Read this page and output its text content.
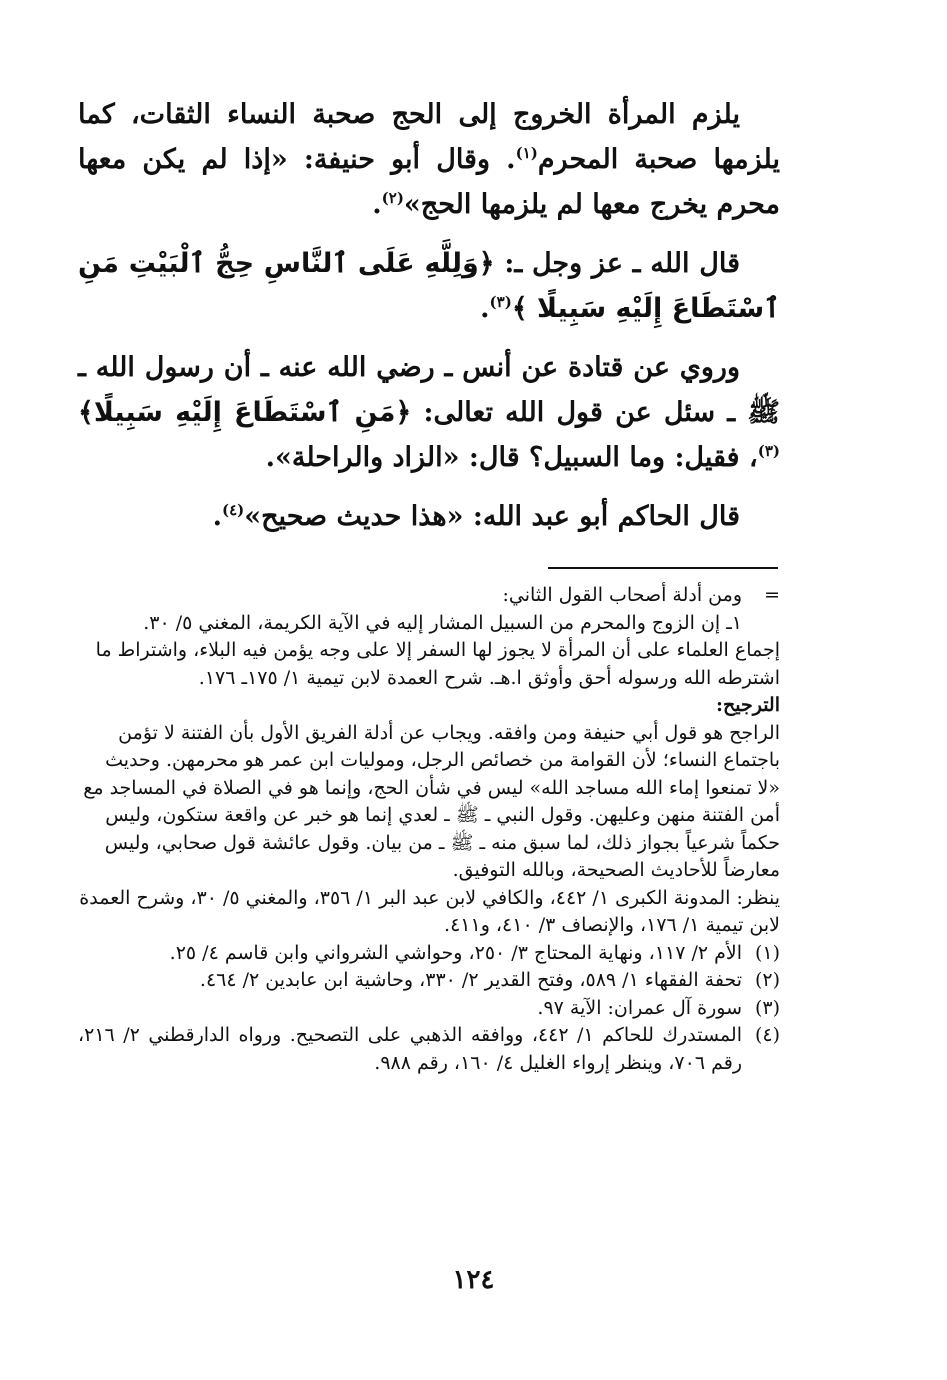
يلزم المرأة الخروج إلى الحج صحبة النساء الثقات، كما يلزمها صحبة المحرم$^{(١)}$. وقال أبو حنيفة: «إذا لم يكن معها محرم يخرج معها لم يلزمها الحج»$^{(٢)}$.

قال الله ـ عز وجل ـ: ﴿وَلِلَّهِ عَلَى ٱلنَّاسِ حِجُّ ٱلْبَيْتِ مَنِ ٱسْتَطَاعَ إِلَيْهِ سَبِيلًا ﴾$^{(٣)}$.

وروي عن قتادة عن أنس ـ رضي الله عنه ـ أن رسول الله ـ ﷺ ـ سئل عن قول الله تعالى: ﴿مَنِ ٱسْتَطَاعَ إِلَيْهِ سَبِيلًا﴾$^{(٣)}$، فقيل: وما السبيل؟ قال: «الزاد والراحلة».

قال الحاكم أبو عبد الله: «هذا حديث صحيح»$^{(٤)}$.

=
ومن أدلة أصحاب القول الثاني:
١ـ إن الزوج والمحرم من السبيل المشار إليه في الآية الكريمة، المغني ٥/ ٣٠.
إجماع العلماء على أن المرأة لا يجوز لها السفر إلا على وجه يؤمن فيه البلاء، واشتراط ما اشترطه الله ورسوله أحق وأوثق ا.هـ. شرح العمدة لابن تيمية ١/ ١٧٥ـ ١٧٦.
الترجيح:
الراجح هو قول أبي حنيفة ومن وافقه. ويجاب عن أدلة الفريق الأول بأن الفتنة لا تؤمن باجتماع النساء؛ لأن القوامة من خصائص الرجل، ومولیات ابن عمر هو محرمهن. وحديث «لا تمنعوا إماء الله مساجد الله» ليس في شأن الحج، وإنما هو في الصلاة في المساجد مع أمن الفتنة منهن وعليهن. وقول النبي ـ ﷺ ـ لعدي إنما هو خبر عن واقعة ستكون، وليس حكماً شرعياً بجواز ذلك، لما سبق منه ـ ﷺ ـ من بيان. وقول عائشة قول صحابي، وليس معارضاً للأحاديث الصحيحة، وبالله التوفيق.
ينظر: المدونة الكبرى ١/ ٤٤٢، والكافي لابن عبد البر ١/ ٣٥٦، والمغني ٥/ ٣٠، وشرح العمدة لابن تيمية ١/ ١٧٦، والإنصاف ٣/ ٤١٠، و٤١١.
(١)
الأم ٢/ ١١٧، ونهاية المحتاج ٣/ ٢٥٠، وحواشي الشرواني وابن قاسم ٤/ ٢٥.
(٢)
تحفة الفقهاء ١/ ٥٨٩، وفتح القدير ٢/ ٣٣٠، وحاشية ابن عابدين ٢/ ٤٦٤.
(٣)
سورة آل عمران: الآية ٩٧.
(٤)
المستدرك للحاكم ١/ ٤٤٢، ووافقه الذهبي على التصحيح. ورواه الدارقطني ٢/ ٢١٦، رقم ٧٠٦، وينظر إرواء الغليل ٤/ ١٦٠، رقم ٩٨٨.
١٢٤
